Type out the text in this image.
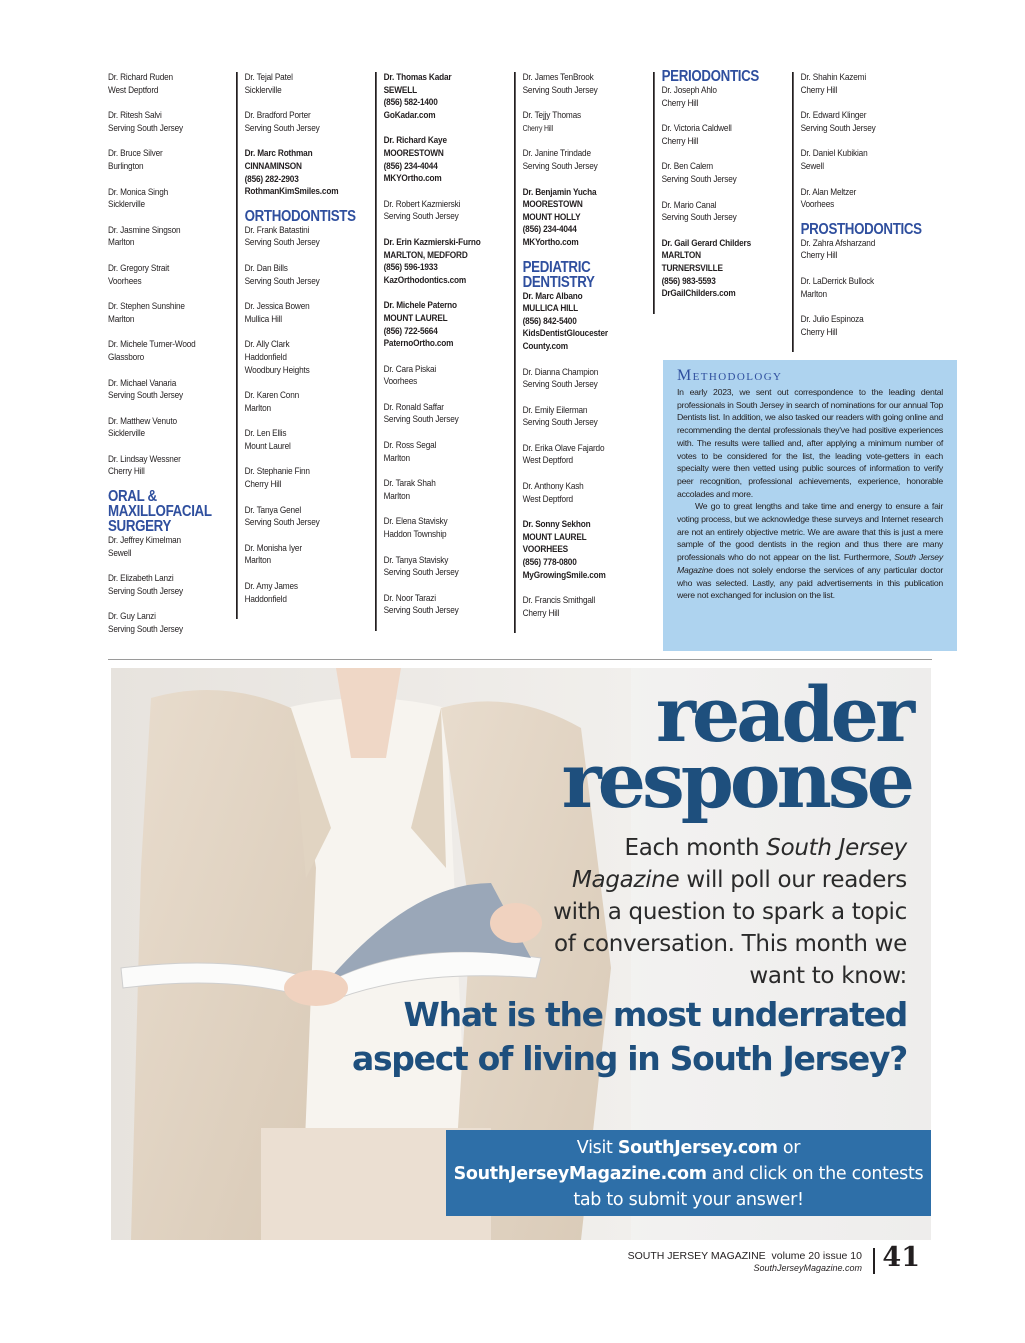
Dr. Richard Ruden
West Deptford
Dr. Ritesh Salvi
Serving South Jersey
Dr. Bruce Silver
Burlington
Dr. Monica Singh
Sicklerville
Dr. Jasmine Singson
Marlton
Dr. Gregory Strait
Voorhees
Dr. Stephen Sunshine
Marlton
Dr. Michele Turner-Wood
Glassboro
Dr. Michael Vanaria
Serving South Jersey
Dr. Matthew Venuto
Sicklerville
Dr. Lindsay Wessner
Cherry Hill
ORAL &
MAXILLOFACIAL
SURGERY
Dr. Jeffrey Kimelman
Sewell
Dr. Elizabeth Lanzi
Serving South Jersey
Dr. Guy Lanzi
Serving South Jersey
Dr. Tejal Patel
Sicklerville
Dr. Bradford Porter
Serving South Jersey
Dr. Marc Rothman
CINNAMINSON
(856) 282-2903
RothmanKimSmiles.com
ORTHODONTISTS
Dr. Frank Batastini
Serving South Jersey
Dr. Dan Bills
Serving South Jersey
Dr. Jessica Bowen
Mullica Hill
Dr. Ally Clark
Haddonfield
Woodbury Heights
Dr. Karen Conn
Marlton
Dr. Len Ellis
Mount Laurel
Dr. Stephanie Finn
Cherry Hill
Dr. Tanya Genel
Serving South Jersey
Dr. Monisha Iyer
Marlton
Dr. Amy James
Haddonfield
Dr. Thomas Kadar
SEWELL
(856) 582-1400
GoKadar.com
Dr. Richard Kaye
MOORESTOWN
(856) 234-4044
MKYOrtho.com
Dr. Robert Kazmierski
Serving South Jersey
Dr. Erin Kazmierski-Furno
MARLTON, MEDFORD
(856) 596-1933
KazOrthodontics.com
Dr. Michele Paterno
MOUNT LAUREL
(856) 722-5664
PaternoOrtho.com
Dr. Cara Piskai
Voorhees
Dr. Ronald Saffar
Serving South Jersey
Dr. Ross Segal
Marlton
Dr. Tarak Shah
Marlton
Dr. Elena Stavisky
Haddon Township
Dr. Tanya Stavisky
Serving South Jersey
Dr. Noor Tarazi
Serving South Jersey
Dr. James TenBrook
Serving South Jersey
Dr. Tejjy Thomas
Cherry Hill
Dr. Janine Trindade
Serving South Jersey
Dr. Benjamin Yucha
MOORESTOWN
MOUNT HOLLY
(856) 234-4044
MKYortho.com
PEDIATRIC
DENTISTRY
Dr. Marc Albano
MULLICA HILL
(856) 842-5400
KidsDentistGloucester
County.com
Dr. Dianna Champion
Serving South Jersey
Dr. Emily Eilerman
Serving South Jersey
Dr. Erika Olave Fajardo
West Deptford
Dr. Anthony Kash
West Deptford
Dr. Sonny Sekhon
MOUNT LAUREL
VOORHEES
(856) 778-0800
MyGrowingSmile.com
Dr. Francis Smithgall
Cherry Hill
PERIODONTICS
Dr. Joseph Ahlo
Cherry Hill
Dr. Victoria Caldwell
Cherry Hill
Dr. Ben Calem
Serving South Jersey
Dr. Mario Canal
Serving South Jersey
Dr. Gail Gerard Childers
MARLTON
TURNERSVILLE
(856) 983-5593
DrGailChilders.com
Dr. Shahin Kazemi
Cherry Hill
Dr. Edward Klinger
Serving South Jersey
Dr. Daniel Kubikian
Sewell
Dr. Alan Meltzer
Voorhees
PROSTHODONTICS
Dr. Zahra Afsharzand
Cherry Hill
Dr. LaDerrick Bullock
Marlton
Dr. Julio Espinoza
Cherry Hill
Methodology

In early 2023, we sent out correspondence to the leading dental professionals in South Jersey in search of nominations for our annual Top Dentists list. In addition, we also tasked our readers with going online and recommending the dental professionals they've had positive experiences with. The results were tallied and, after applying a minimum number of votes to be considered for the list, the leading vote-getters in each specialty were then vetted using public sources of information to verify peer recognition, professional achievements, experience, honorable accolades and more.

We go to great lengths and take time and energy to ensure a fair voting process, but we acknowledge these surveys and Internet research are not an entirely objective metric. We are aware that this is just a mere sample of the good dentists in the region and thus there are many professionals who do not appear on the list. Furthermore, South Jersey Magazine does not solely endorse the services of any particular doctor who was selected. Lastly, any paid advertisements in this publication were not exchanged for inclusion on the list.

reader
response
Each month South Jersey Magazine will poll our readers with a question to spark a topic of conversation. This month we want to know:
What is the most underrated aspect of living in South Jersey?
Visit SouthJersey.com or
SouthJerseyMagazine.com and click on the contests tab to submit your answer!
SOUTH JERSEY MAGAZINE volume 20 issue 10
SouthJerseyMagazine.com 41
